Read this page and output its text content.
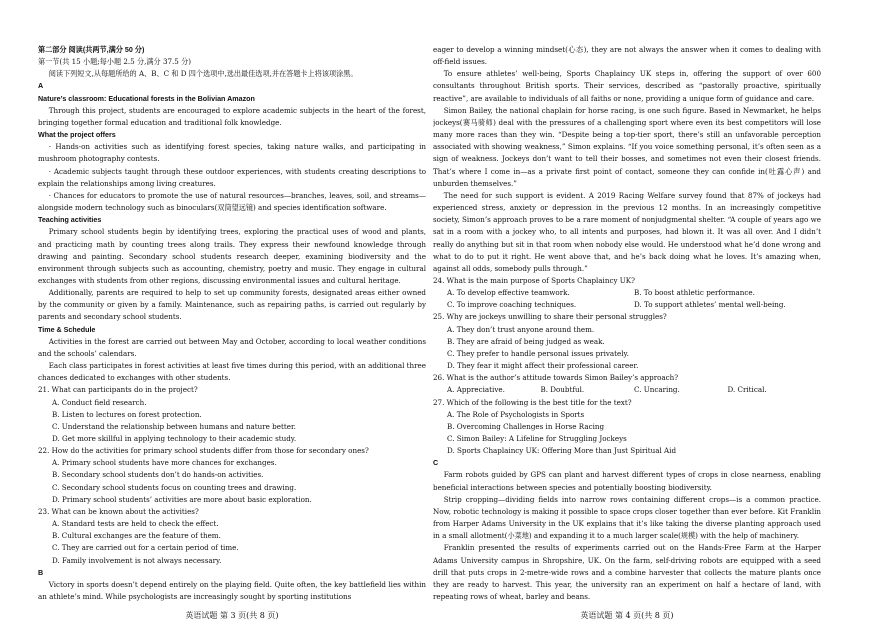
第二部分 阅读(共两节,满分 50 分)

第一节(共 15 小题;每小题 2.5 分,满分 37.5 分)

阅读下列短文,从每题所给的 A、B、C 和 D 四个选项中,选出最佳选项,并在答题卡上将该项涂黑。

A

Nature’s classroom: Educational forests in the Bolivian Amazon

Through this project, students are encouraged to explore academic subjects in the heart of the forest, bringing together formal education and traditional folk knowledge.

What the project offers

· Hands-on activities such as identifying forest species, taking nature walks, and participating in mushroom photography contests.

· Academic subjects taught through these outdoor experiences, with students creating descriptions to explain the relationships among living creatures.

· Chances for educators to promote the use of natural resources—branches, leaves, soil, and streams—alongside modern technology such as binoculars(双筒望远镜) and species identification software.

Teaching activities

Primary school students begin by identifying trees, exploring the practical uses of wood and plants, and practicing math by counting trees along trails. They express their newfound knowledge through drawing and painting. Secondary school students research deeper, examining biodiversity and the environment through subjects such as accounting, chemistry, poetry and music. They engage in cultural exchanges with students from other regions, discussing environmental issues and cultural heritage.

Additionally, parents are required to help to set up community forests, designated areas either owned by the community or given by a family. Maintenance, such as repairing paths, is carried out regularly by parents and secondary school students.

Time & Schedule

Activities in the forest are carried out between May and October, according to local weather conditions and the schools’ calendars.

Each class participates in forest activities at least five times during this period, with an additional three chances dedicated to exchanges with other students.

21. What can participants do in the project?

A. Conduct field research.

B. Listen to lectures on forest protection.

C. Understand the relationship between humans and nature better.

D. Get more skillful in applying technology to their academic study.

22. How do the activities for primary school students differ from those for secondary ones?

A. Primary school students have more chances for exchanges.

B. Secondary school students don’t do hands-on activities.

C. Secondary school students focus on counting trees and drawing.

D. Primary school students’ activities are more about basic exploration.

23. What can be known about the activities?

A. Standard tests are held to check the effect.

B. Cultural exchanges are the feature of them.

C. They are carried out for a certain period of time.

D. Family involvement is not always necessary.

B

Victory in sports doesn’t depend entirely on the playing field. Quite often, the key battlefield lies within an athlete’s mind. While psychologists are increasingly sought by sporting institutions

英语试题 第 3 页(共 8 页)

eager to develop a winning mindset(心态), they are not always the answer when it comes to dealing with off-field issues.

To ensure athletes’ well-being, Sports Chaplaincy UK steps in, offering the support of over 600 consultants throughout British sports. Their services, described as “pastorally proactive, spiritually reactive”, are available to individuals of all faiths or none, providing a unique form of guidance and care.

Simon Bailey, the national chaplain for horse racing, is one such figure. Based in Newmarket, he helps jockeys(赛马骑师) deal with the pressures of a challenging sport where even its best competitors will lose many more races than they win. “Despite being a top-tier sport, there’s still an unfavorable perception associated with showing weakness,” Simon explains. “If you voice something personal, it’s often seen as a sign of weakness. Jockeys don’t want to tell their bosses, and sometimes not even their closest friends. That’s where I come in—as a private first point of contact, someone they can confide in(吐露心声) and unburden themselves.”

The need for such support is evident. A 2019 Racing Welfare survey found that 87% of jockeys had experienced stress, anxiety or depression in the previous 12 months. In an increasingly competitive society, Simon’s approach proves to be a rare moment of nonjudgmental shelter. “A couple of years ago we sat in a room with a jockey who, to all intents and purposes, had blown it. It was all over. And I didn’t really do anything but sit in that room when nobody else would. He understood what he’d done wrong and what to do to put it right. He went above that, and he’s back doing what he loves. It’s amazing when, against all odds, somebody pulls through.”

24. What is the main purpose of Sports Chaplaincy UK?

A. To develop effective teamwork.	B. To boost athletic performance.
C. To improve coaching techniques.	D. To support athletes’ mental well-being.

25. Why are jockeys unwilling to share their personal struggles?

A. They don’t trust anyone around them.

B. They are afraid of being judged as weak.

C. They prefer to handle personal issues privately.

D. They fear it might affect their professional career.

26. What is the author’s attitude towards Simon Bailey’s approach?

A. Appreciative.	B. Doubtful.	C. Uncaring.	D. Critical.

27. Which of the following is the best title for the text?

A. The Role of Psychologists in Sports

B. Overcoming Challenges in Horse Racing

C. Simon Bailey: A Lifeline for Struggling Jockeys

D. Sports Chaplaincy UK: Offering More than Just Spiritual Aid

C

Farm robots guided by GPS can plant and harvest different types of crops in close nearness, enabling beneficial interactions between species and potentially boosting biodiversity.

Strip cropping—dividing fields into narrow rows containing different crops—is a common practice. Now, robotic technology is making it possible to space crops closer together than ever before. Kit Franklin from Harper Adams University in the UK explains that it’s like taking the diverse planting approach used in a small allotment(小菜地) and expanding it to a much larger scale(规模) with the help of machinery.

Franklin presented the results of experiments carried out on the Hands-Free Farm at the Harper Adams University campus in Shropshire, UK. On the farm, self-driving robots are equipped with a seed drill that puts crops in 2-metre-wide rows and a combine harvester that collects the mature plants once they are ready to harvest. This year, the university ran an experiment on half a hectare of land, with repeating rows of wheat, barley and beans.

英语试题 第 4 页(共 8 页)
